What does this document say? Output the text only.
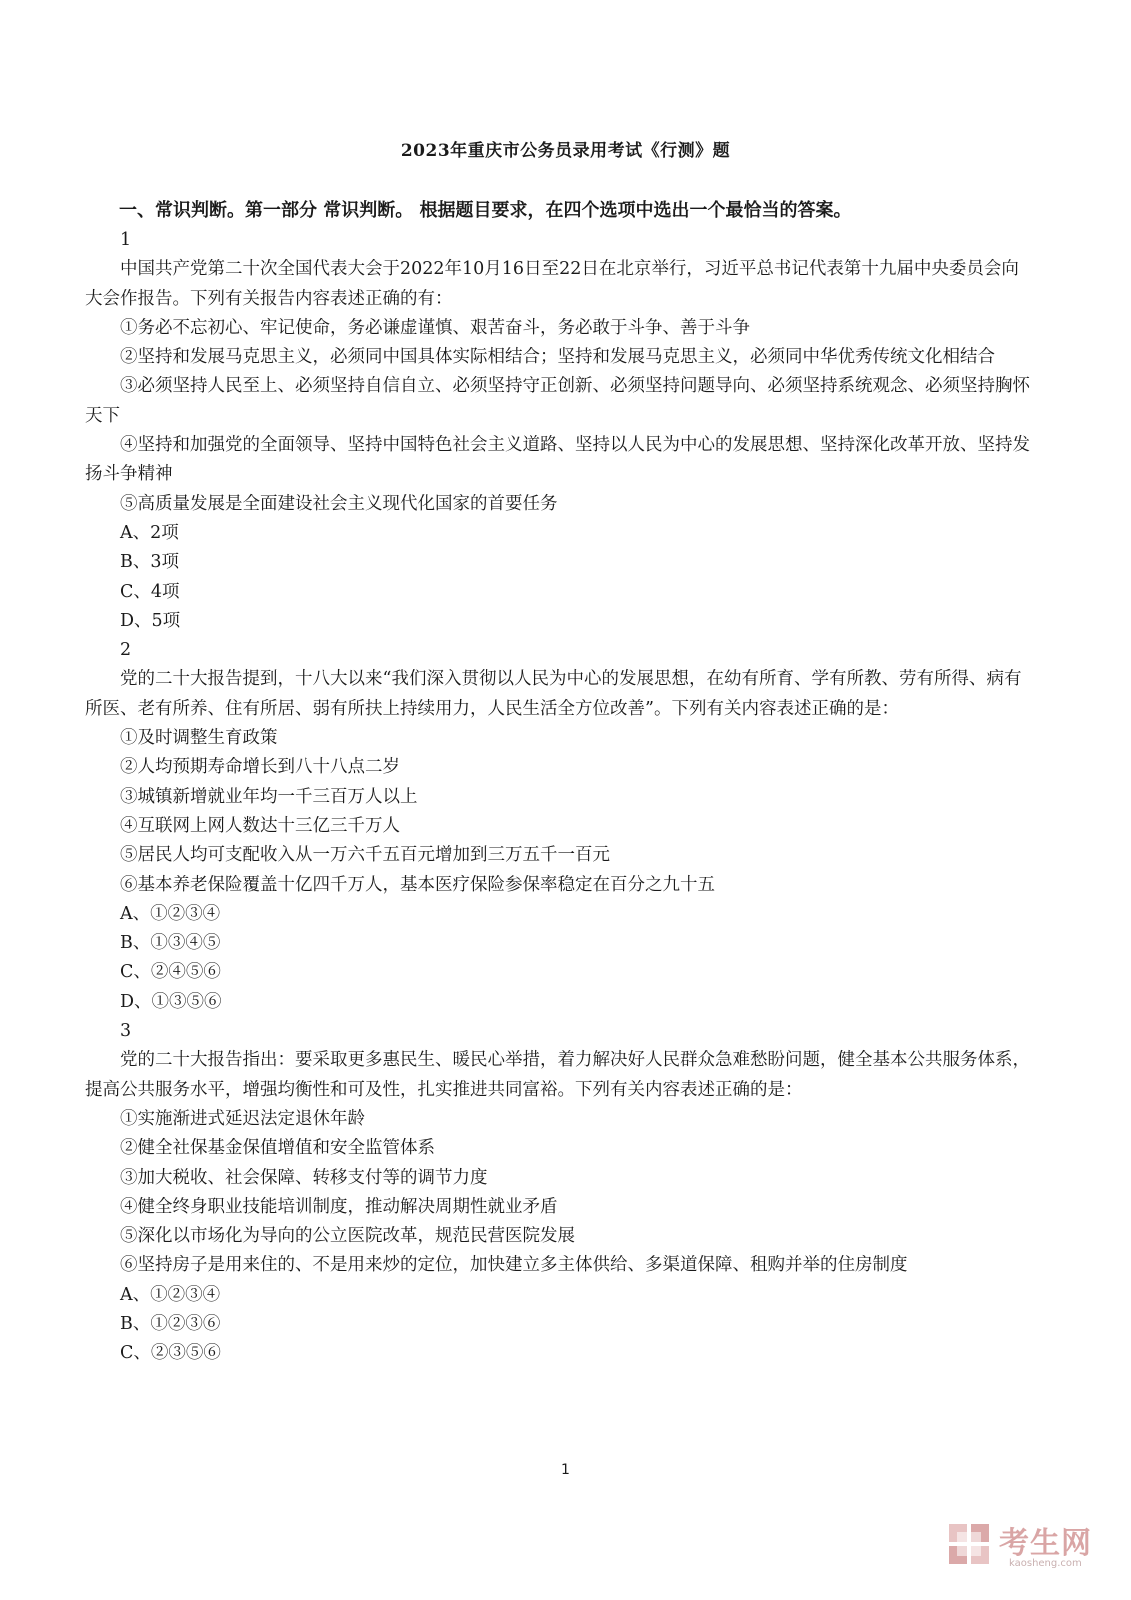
2023年重庆市公务员录用考试《行测》题
一、常识判断。第一部分 常识判断。 根据题目要求，在四个选项中选出一个最恰当的答案。

1

中国共产党第二十次全国代表大会于2022年10月16日至22日在北京举行，习近平总书记代表第十九届中央委员会向大会作报告。下列有关报告内容表述正确的有：

①务必不忘初心、牢记使命，务必谦虚谨慎、艰苦奋斗，务必敢于斗争、善于斗争

②坚持和发展马克思主义，必须同中国具体实际相结合；坚持和发展马克思主义，必须同中华优秀传统文化相结合

③必须坚持人民至上、必须坚持自信自立、必须坚持守正创新、必须坚持问题导向、必须坚持系统观念、必须坚持胸怀天下

④坚持和加强党的全面领导、坚持中国特色社会主义道路、坚持以人民为中心的发展思想、坚持深化改革开放、坚持发扬斗争精神

⑤高质量发展是全面建设社会主义现代化国家的首要任务

A、2项

B、3项

C、4项

D、5项

2

党的二十大报告提到，十八大以来“我们深入贯彻以人民为中心的发展思想，在幼有所育、学有所教、劳有所得、病有所医、老有所养、住有所居、弱有所扶上持续用力，人民生活全方位改善”。下列有关内容表述正确的是：

①及时调整生育政策

②人均预期寿命增长到八十八点二岁

③城镇新增就业年均一千三百万人以上

④互联网上网人数达十三亿三千万人

⑤居民人均可支配收入从一万六千五百元增加到三万五千一百元

⑥基本养老保险覆盖十亿四千万人，基本医疗保险参保率稳定在百分之九十五

A、①②③④

B、①③④⑤

C、②④⑤⑥

D、①③⑤⑥

3

党的二十大报告指出：要采取更多惠民生、暖民心举措，着力解决好人民群众急难愁盼问题，健全基本公共服务体系，提高公共服务水平，增强均衡性和可及性，扎实推进共同富裕。下列有关内容表述正确的是：

①实施渐进式延迟法定退休年龄

②健全社保基金保值增值和安全监管体系

③加大税收、社会保障、转移支付等的调节力度

④健全终身职业技能培训制度，推动解决周期性就业矛盾

⑤深化以市场化为导向的公立医院改革，规范民营医院发展

⑥坚持房子是用来住的、不是用来炒的定位，加快建立多主体供给、多渠道保障、租购并举的住房制度

A、①②③④

B、①②③⑥

C、②③⑤⑥

1
考生网
kaosheng.com
